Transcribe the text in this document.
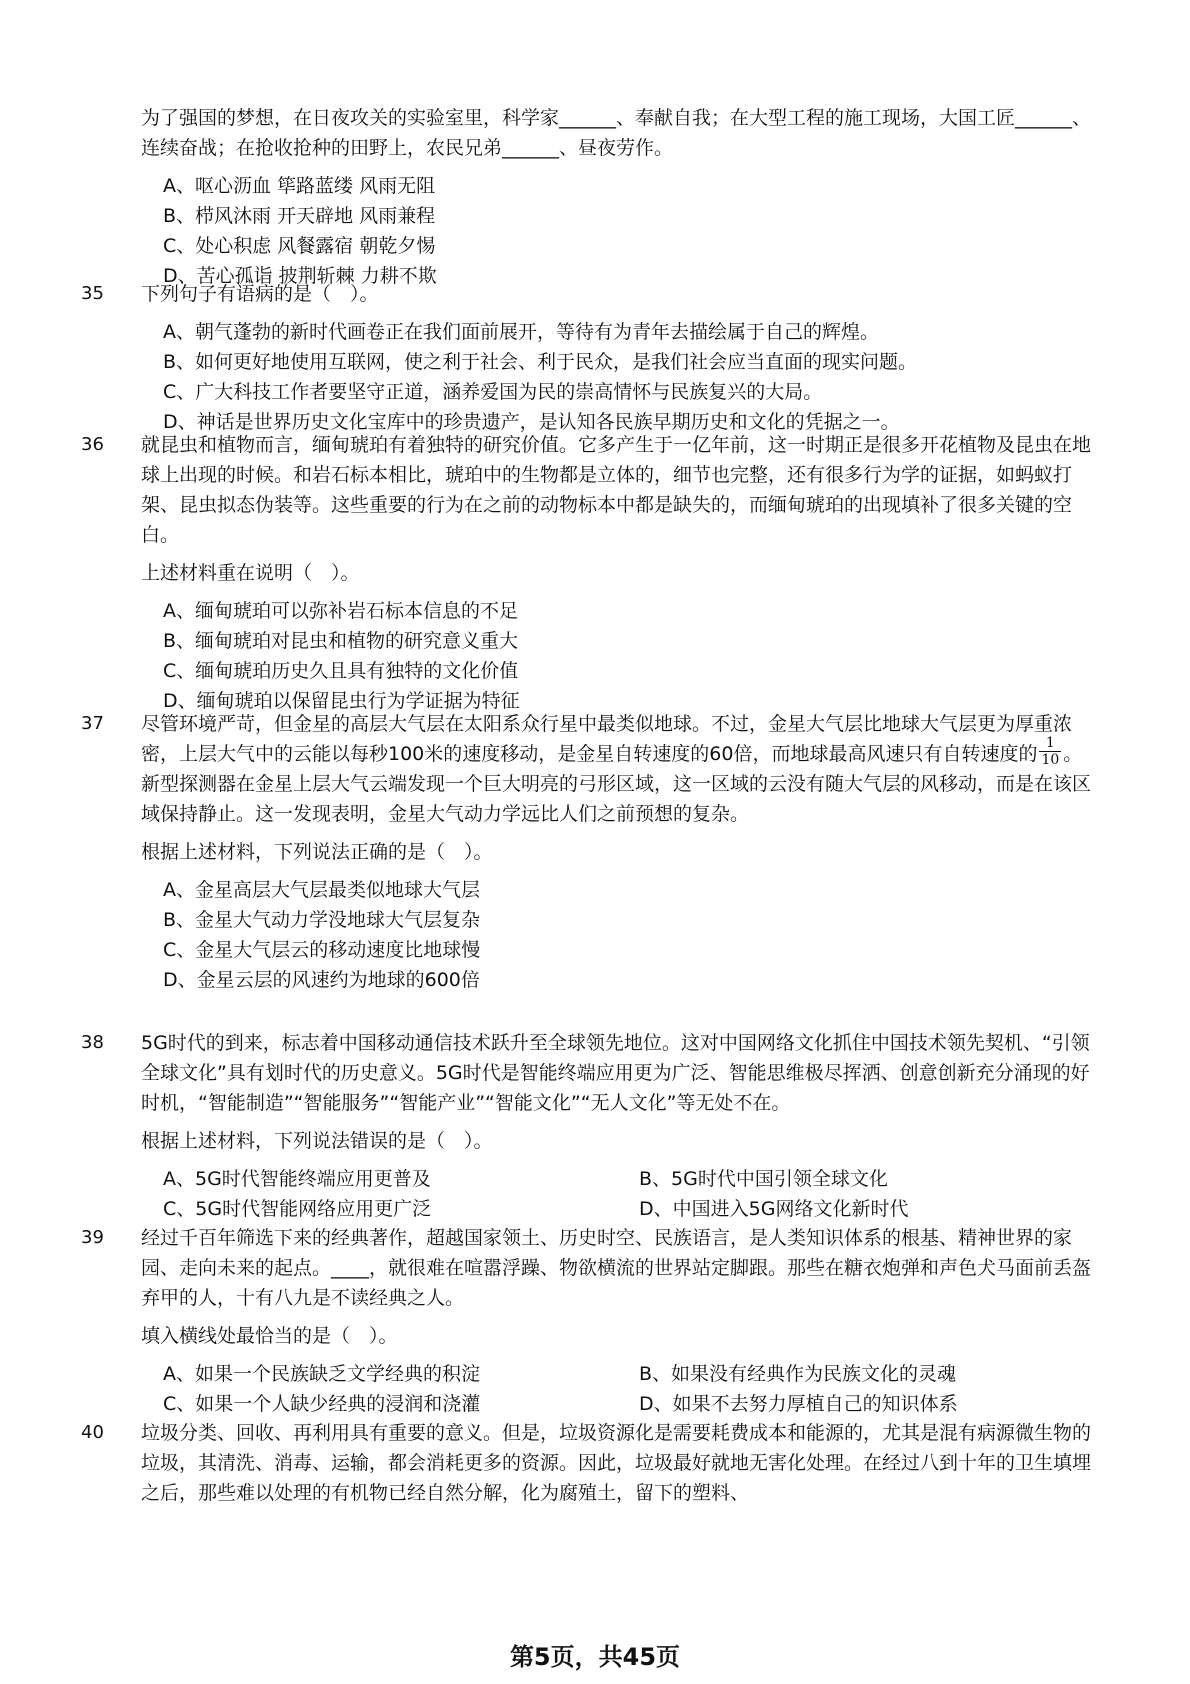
为了强国的梦想，在日夜攻关的实验室里，科学家______、奉献自我；在大型工程的施工现场，大国工匠______、连续奋战；在抢收抢种的田野上，农民兄弟______、昼夜劳作。
A、呕心沥血 筚路蓝缕 风雨无阻
B、栉风沐雨 开天辟地 风雨兼程
C、处心积虑 风餐露宿 朝乾夕惕
D、苦心孤诣 披荆斩棘 力耕不欺
35	下列句子有语病的是（　）。
A、朝气蓬勃的新时代画卷正在我们面前展开，等待有为青年去描绘属于自己的辉煌。
B、如何更好地使用互联网，使之利于社会、利于民众，是我们社会应当直面的现实问题。
C、广大科技工作者要坚守正道，涵养爱国为民的崇高情怀与民族复兴的大局。
D、神话是世界历史文化宝库中的珍贵遗产，是认知各民族早期历史和文化的凭据之一。
36	就昆虫和植物而言，缅甸琥珀有着独特的研究价值。它多产生于一亿年前，这一时期正是很多开花植物及昆虫在地球上出现的时候。和岩石标本相比，琥珀中的生物都是立体的，细节也完整，还有很多行为学的证据，如蚂蚁打架、昆虫拟态伪装等。这些重要的行为在之前的动物标本中都是缺失的，而缅甸琥珀的出现填补了很多关键的空白。
上述材料重在说明（　）。
A、缅甸琥珀可以弥补岩石标本信息的不足
B、缅甸琥珀对昆虫和植物的研究意义重大
C、缅甸琥珀历史久且具有独特的文化价值
D、缅甸琥珀以保留昆虫行为学证据为特征
37	尽管环境严苛，但金星的高层大气层在太阳系众行星中最类似地球。不过，金星大气层比地球大气层更为厚重浓密，上层大气中的云能以每秒100米的速度移动，是金星自转速度的60倍，而地球最高风速只有自转速度的 $\frac{1}{10}$ 。新型探测器在金星上层大气云端发现一个巨大明亮的弓形区域，这一区域的云没有随大气层的风移动，而是在该区域保持静止。这一发现表明，金星大气动力学远比人们之前预想的复杂。
根据上述材料，下列说法正确的是（　）。
A、金星高层大气层最类似地球大气层
B、金星大气动力学没地球大气层复杂
C、金星大气层云的移动速度比地球慢
D、金星云层的风速约为地球的600倍
38	5G时代的到来，标志着中国移动通信技术跃升至全球领先地位。这对中国网络文化抓住中国技术领先契机、“引领全球文化”具有划时代的历史意义。5G时代是智能终端应用更为广泛、智能思维极尽挥洒、创意创新充分涌现的好时机，“智能制造”“智能服务”“智能产业”“智能文化”“无人文化”等无处不在。
根据上述材料，下列说法错误的是（　）。
A、5G时代智能终端应用更普及	B、5G时代中国引领全球文化
C、5G时代智能网络应用更广泛	D、中国进入5G网络文化新时代
39	经过千百年筛选下来的经典著作，超越国家领土、历史时空、民族语言，是人类知识体系的根基、精神世界的家园、走向未来的起点。____，就很难在喧嚣浮躁、物欲横流的世界站定脚跟。那些在糖衣炮弹和声色犬马面前丢盔弃甲的人，十有八九是不读经典之人。
填入横线处最恰当的是（　）。
A、如果一个民族缺乏文学经典的积淀	B、如果没有经典作为民族文化的灵魂
C、如果一个人缺少经典的浸润和浇灌	D、如果不去努力厚植自己的知识体系
40	垃圾分类、回收、再利用具有重要的意义。但是，垃圾资源化是需要耗费成本和能源的，尤其是混有病源微生物的垃圾，其清洗、消毒、运输，都会消耗更多的资源。因此，垃圾最好就地无害化处理。在经过八到十年的卫生填埋之后，那些难以处理的有机物已经自然分解，化为腐殖土，留下的塑料、
第5页，共45页
